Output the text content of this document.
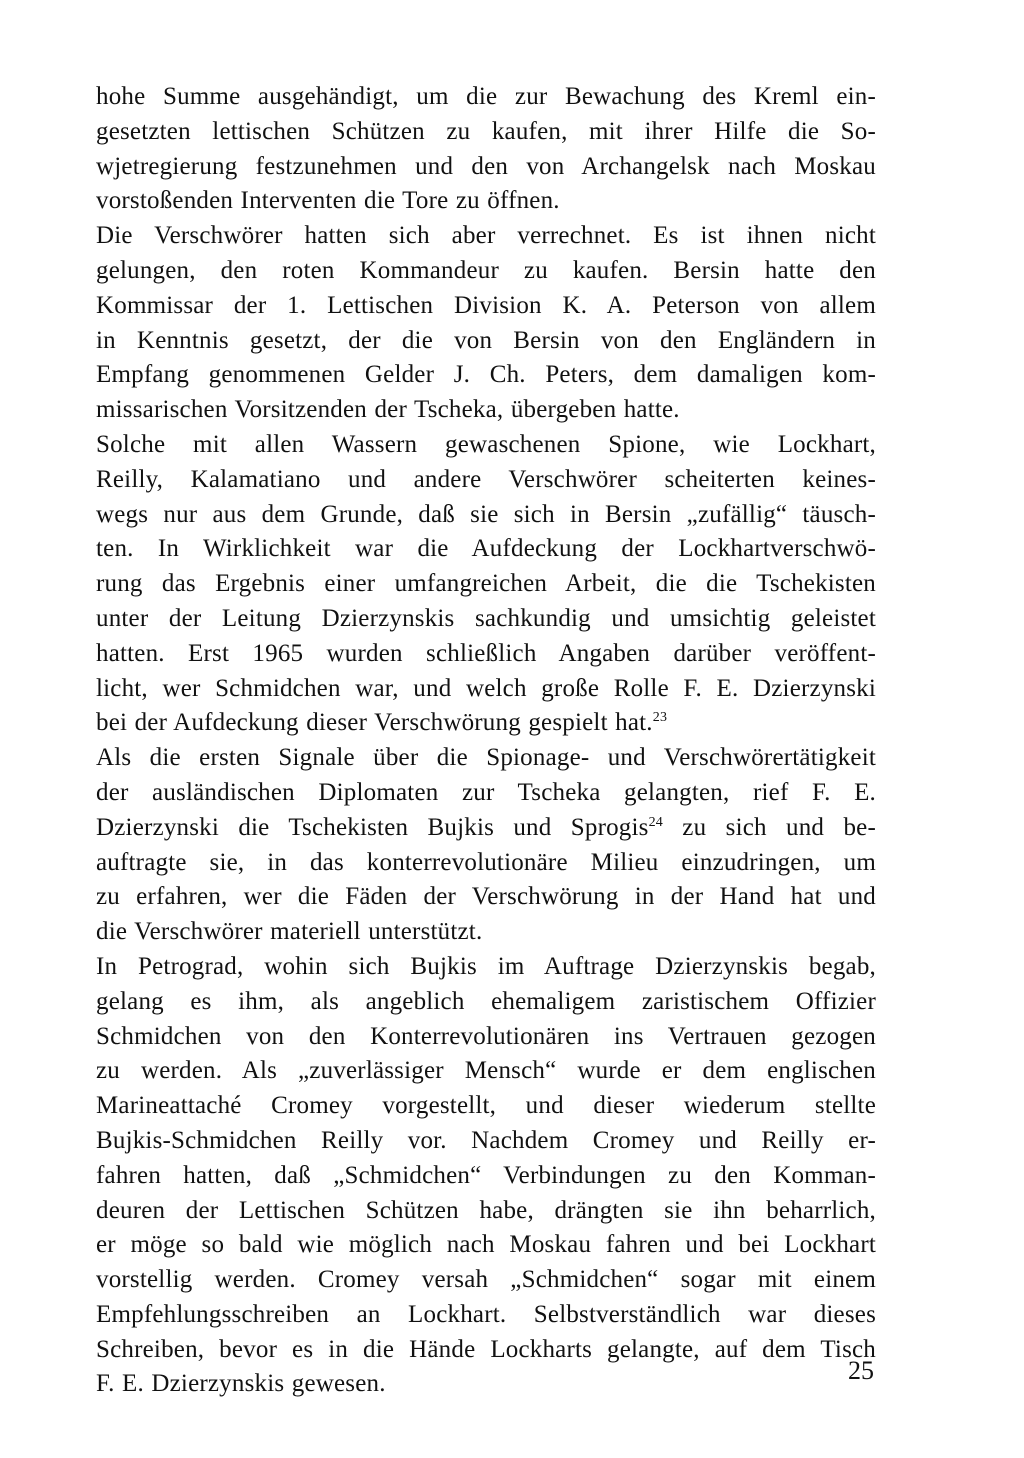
hohe Summe ausgehändigt, um die zur Bewachung des Kreml ein-
gesetzten lettischen Schützen zu kaufen, mit ihrer Hilfe die So-
wjetregierung festzunehmen und den von Archangelsk nach Moskau
vorstoßenden Interventen die Tore zu öffnen.
Die Verschwörer hatten sich aber verrechnet. Es ist ihnen nicht
gelungen, den roten Kommandeur zu kaufen. Bersin hatte den
Kommissar der 1. Lettischen Division K. A. Peterson von allem
in Kenntnis gesetzt, der die von Bersin von den Engländern in
Empfang genommenen Gelder J. Ch. Peters, dem damaligen kom-
missarischen Vorsitzenden der Tscheka, übergeben hatte.
Solche mit allen Wassern gewaschenen Spione, wie Lockhart,
Reilly, Kalamatiano und andere Verschwörer scheiterten keines-
wegs nur aus dem Grunde, daß sie sich in Bersin „zufällig“ täusch-
ten. In Wirklichkeit war die Aufdeckung der Lockhartverschwö-
rung das Ergebnis einer umfangreichen Arbeit, die die Tschekisten
unter der Leitung Dzierzynskis sachkundig und umsichtig geleistet
hatten. Erst 1965 wurden schließlich Angaben darüber veröffent-
licht, wer Schmidchen war, und welch große Rolle F. E. Dzierzynski
bei der Aufdeckung dieser Verschwörung gespielt hat.$^{23}$
Als die ersten Signale über die Spionage- und Verschwörertätigkeit
der ausländischen Diplomaten zur Tscheka gelangten, rief F. E.
Dzierzynski die Tschekisten Bujkis und Sprogis$^{24}$ zu sich und be-
auftragte sie, in das konterrevolutionäre Milieu einzudringen, um
zu erfahren, wer die Fäden der Verschwörung in der Hand hat und
die Verschwörer materiell unterstützt.
In Petrograd, wohin sich Bujkis im Auftrage Dzierzynskis begab,
gelang es ihm, als angeblich ehemaligem zaristischem Offizier
Schmidchen von den Konterrevolutionären ins Vertrauen gezogen
zu werden. Als „zuverlässiger Mensch“ wurde er dem englischen
Marineattaché Cromey vorgestellt, und dieser wiederum stellte
Bujkis-Schmidchen Reilly vor. Nachdem Cromey und Reilly er-
fahren hatten, daß „Schmidchen“ Verbindungen zu den Komman-
deuren der Lettischen Schützen habe, drängten sie ihn beharrlich,
er möge so bald wie möglich nach Moskau fahren und bei Lockhart
vorstellig werden. Cromey versah „Schmidchen“ sogar mit einem
Empfehlungsschreiben an Lockhart. Selbstverständlich war dieses
Schreiben, bevor es in die Hände Lockharts gelangte, auf dem Tisch
F. E. Dzierzynskis gewesen.	25
